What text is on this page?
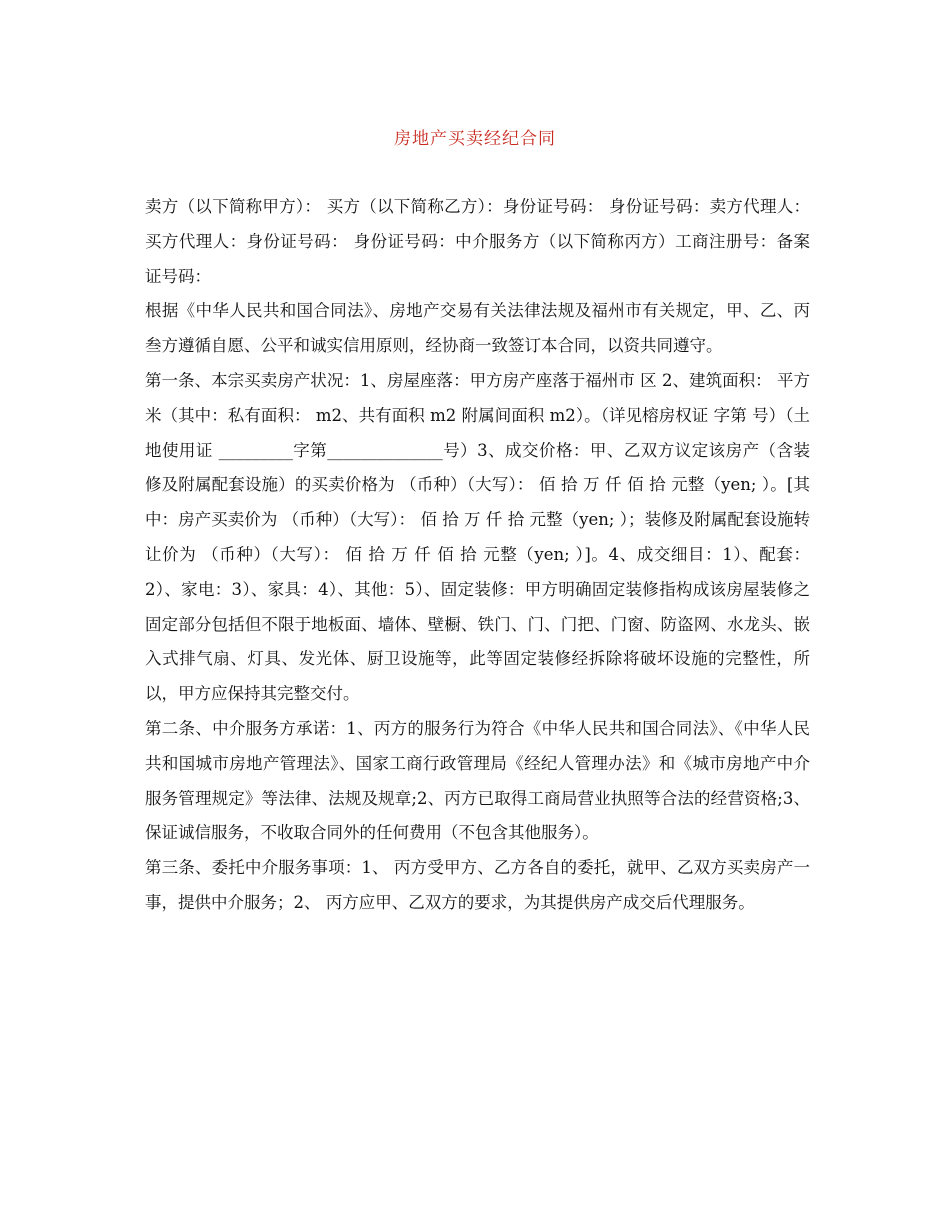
房地产买卖经纪合同

卖方（以下简称甲方）： 买方（以下简称乙方）：身份证号码： 身份证号码：卖方代理人： 买方代理人：身份证号码： 身份证号码：中介服务方（以下简称丙方）工商注册号：备案证号码：

根据《中华人民共和国合同法》、房地产交易有关法律法规及福州市有关规定，甲、乙、丙叁方遵循自愿、公平和诚实信用原则，经协商一致签订本合同，以资共同遵守。

第一条、本宗买卖房产状况：1、房屋座落：甲方房产座落于福州市 区 2、建筑面积： 平方米（其中：私有面积： m2、共有面积 m2 附属间面积 m2）。（详见榕房权证 字第 号）（土地使用证 _________字第______________号）3、成交价格：甲、乙双方议定该房产（含装修及附属配套设施）的买卖价格为 （币种）（大写）： 佰 拾 万 仟 佰 拾 元整（yen; ）。[其中：房产买卖价为 （币种）（大写）： 佰 拾 万 仟 拾 元整（yen; ）；装修及附属配套设施转让价为 （币种）（大写）： 佰 拾 万 仟 佰 拾 元整（yen; ）]。4、成交细目：1）、配套：2）、家电：3）、家具：4）、其他：5）、固定装修：甲方明确固定装修指构成该房屋装修之固定部分包括但不限于地板面、墙体、壁橱、铁门、门、门把、门窗、防盗网、水龙头、嵌入式排气扇、灯具、发光体、厨卫设施等，此等固定装修经拆除将破坏设施的完整性，所以，甲方应保持其完整交付。

第二条、中介服务方承诺：1、丙方的服务行为符合《中华人民共和国合同法》、《中华人民共和国城市房地产管理法》、国家工商行政管理局《经纪人管理办法》和《城市房地产中介服务管理规定》等法律、法规及规章;2、丙方已取得工商局营业执照等合法的经营资格;3、 保证诚信服务，不收取合同外的任何费用（不包含其他服务）。

第三条、委托中介服务事项：1、 丙方受甲方、乙方各自的委托，就甲、乙双方买卖房产一事，提供中介服务；2、 丙方应甲、乙双方的要求，为其提供房产成交后代理服务。
